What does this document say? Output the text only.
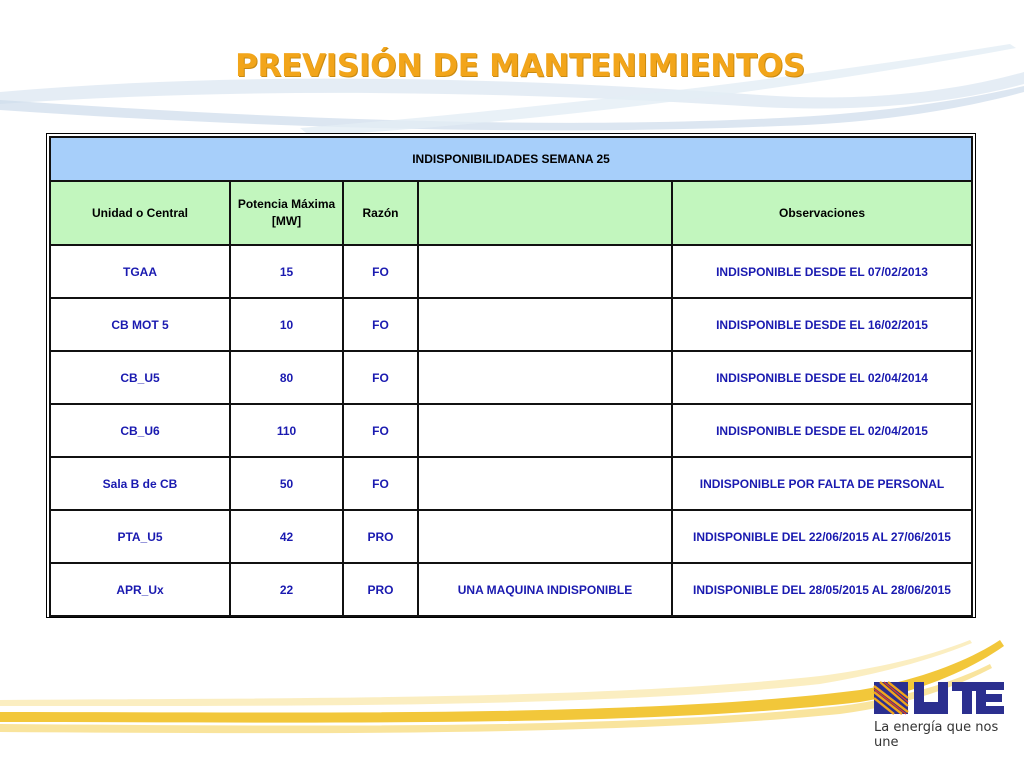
PREVISIÓN DE MANTENIMIENTOS
INDISPONIBILIDADES SEMANA 25				
Unidad o Central	Potencia Máxima [MW]	Razón		Observaciones
TGAA	15	FO		INDISPONIBLE DESDE EL 07/02/2013
CB MOT 5	10	FO		INDISPONIBLE DESDE EL 16/02/2015
CB_U5	80	FO		INDISPONIBLE DESDE EL 02/04/2014
CB_U6	110	FO		INDISPONIBLE DESDE EL 02/04/2015
Sala B de CB	50	FO		INDISPONIBLE POR FALTA DE PERSONAL
PTA_U5	42	PRO		INDISPONIBLE DEL 22/06/2015 AL 27/06/2015
APR_Ux	22	PRO	UNA MAQUINA INDISPONIBLE	INDISPONIBLE DEL 28/05/2015 AL 28/06/2015
La energía que nos une
